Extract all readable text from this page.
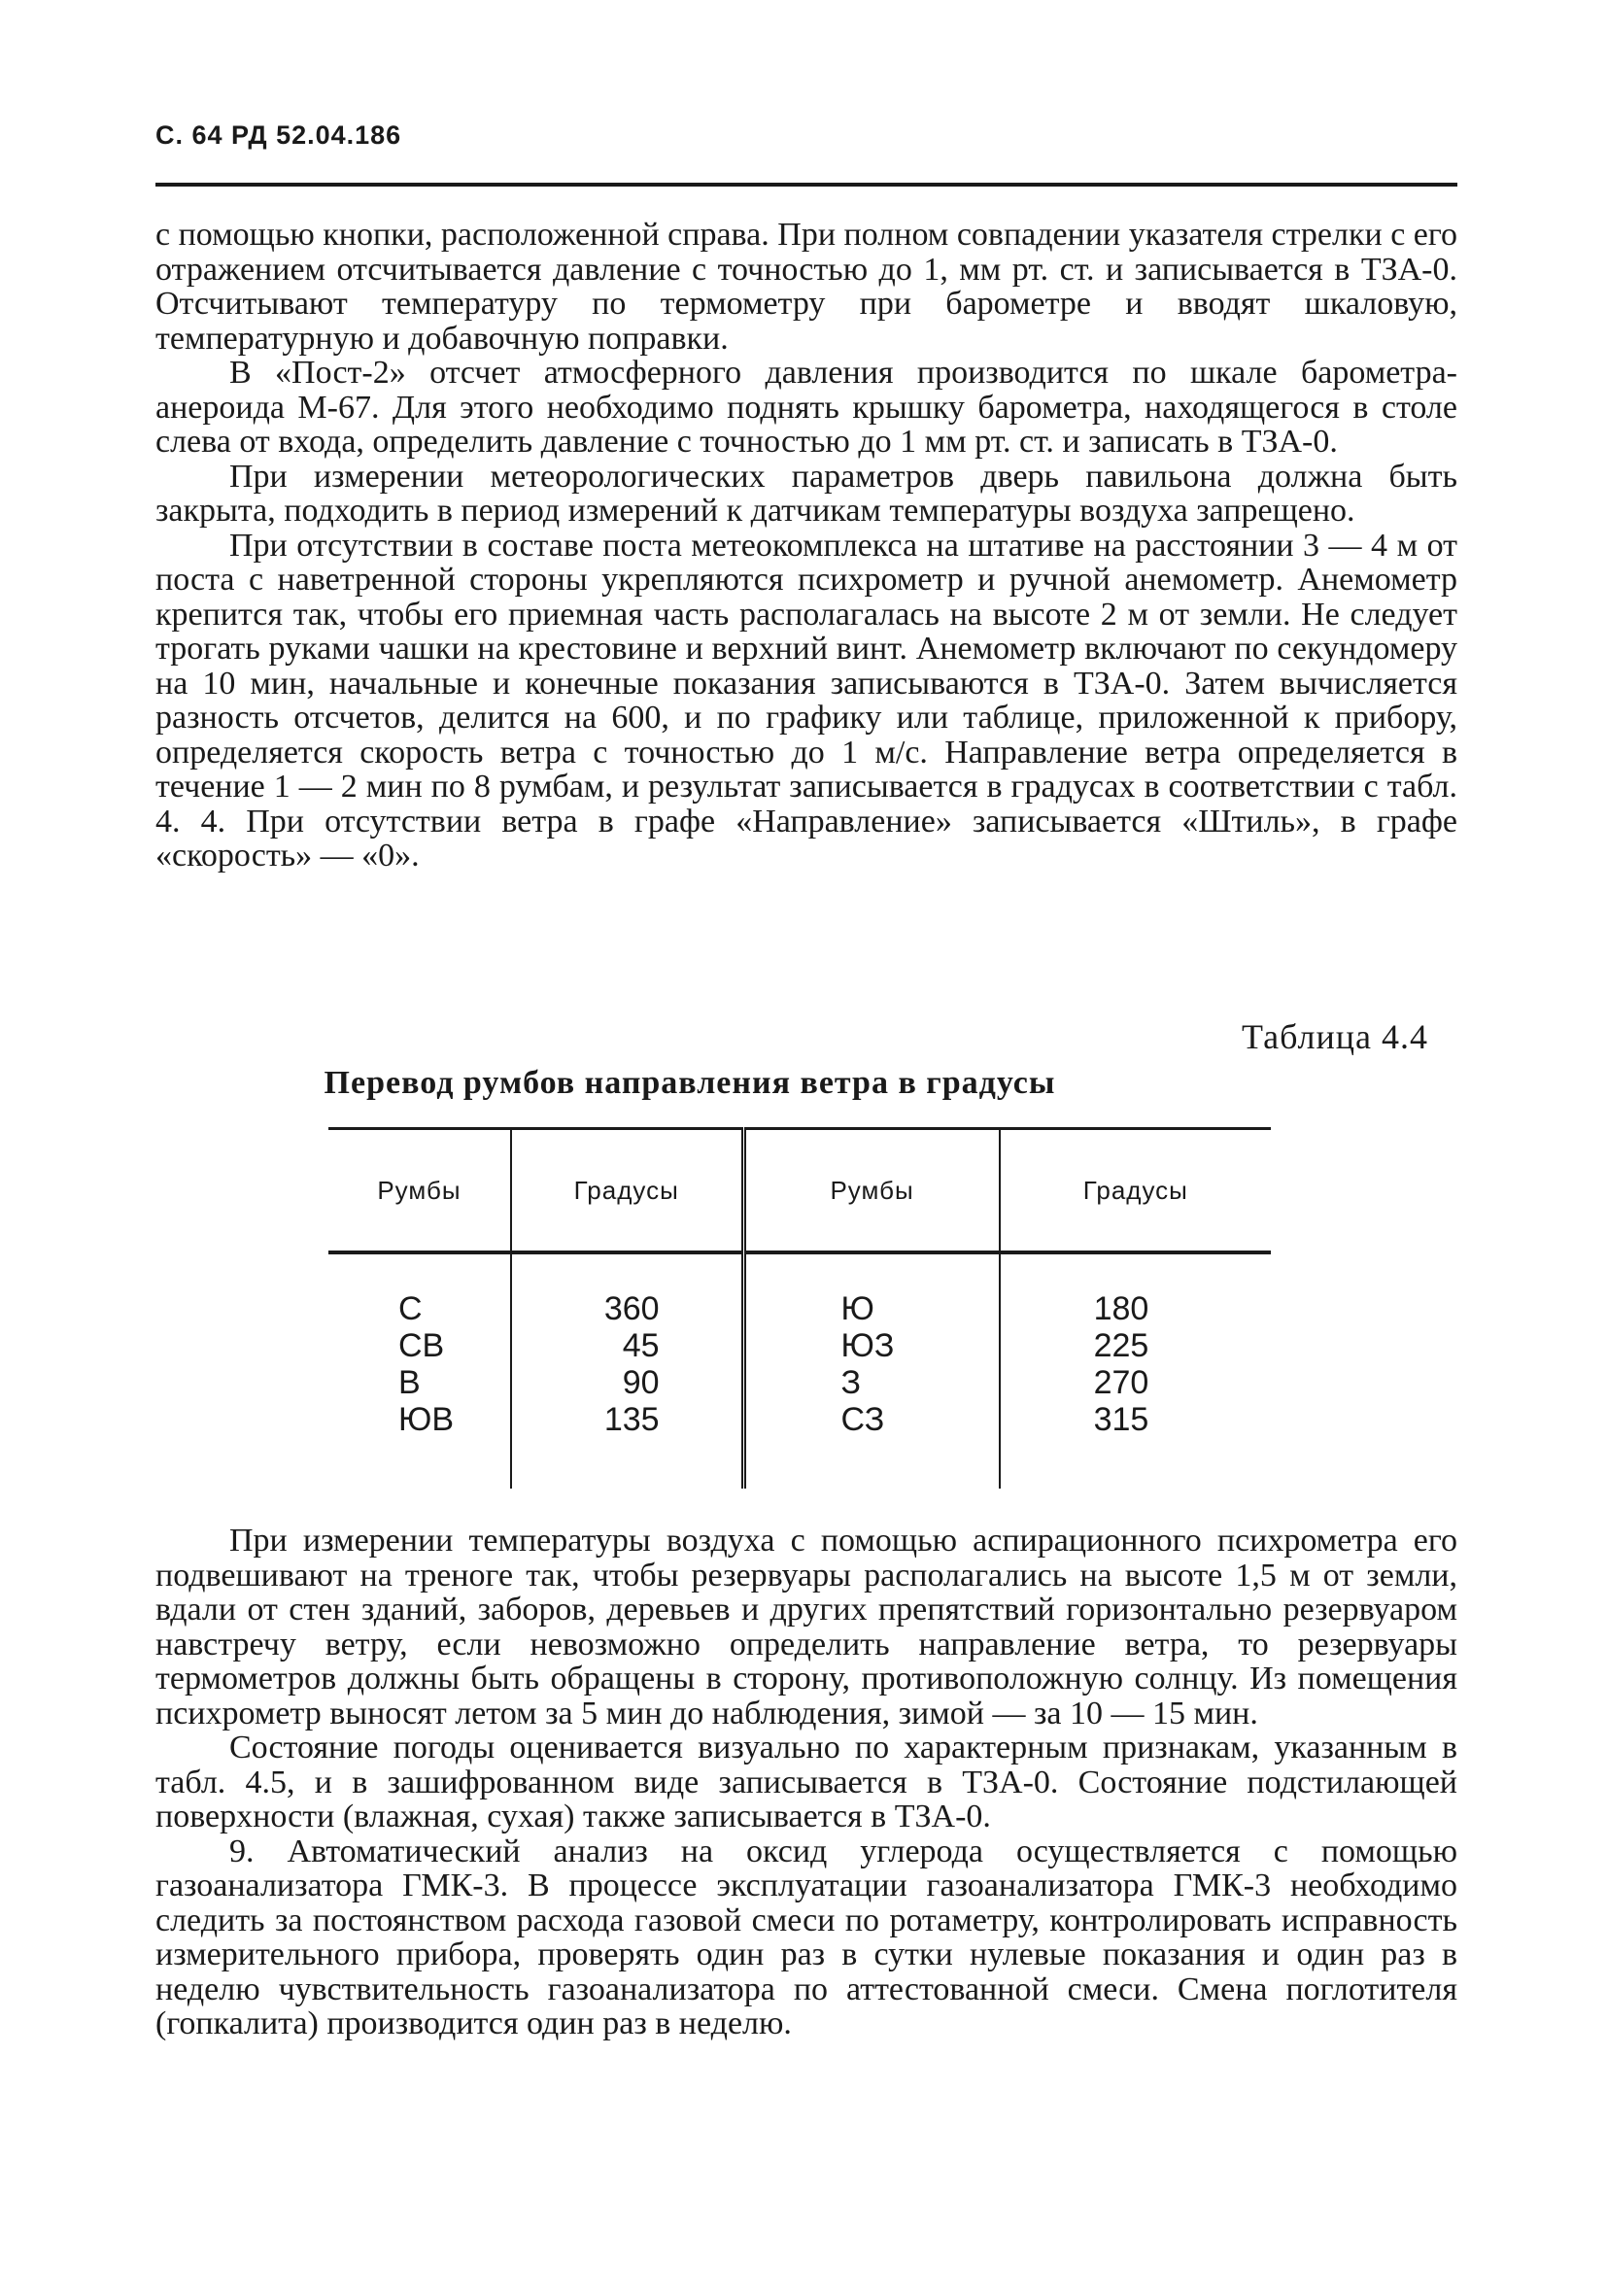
С. 64 РД 52.04.186

с помощью кнопки, расположенной справа. При полном совпадении указателя стрелки с его отражением отсчитывается давление с точностью до 1, мм рт. ст. и записывается в ТЗА-0. Отсчитывают температуру по термометру при барометре и вводят шкаловую, температурную и добавочную поправки.

В «Пост-2» отсчет атмосферного давления производится по шкале барометра-анероида М-67. Для этого необходимо поднять крышку барометра, находящегося в столе слева от входа, определить давление с точностью до 1 мм рт. ст. и записать в ТЗА-0.

При измерении метеорологических параметров дверь павильона должна быть закрыта, подходить в период измерений к датчикам температуры воздуха запрещено.

При отсутствии в составе поста метеокомплекса на штативе на расстоянии 3 — 4 м от поста с наветренной стороны укрепляются психрометр и ручной анемометр. Анемометр крепится так, чтобы его приемная часть располагалась на высоте 2 м от земли. Не следует трогать руками чашки на крестовине и верхний винт. Анемометр включают по секундомеру на 10 мин, начальные и конечные показания записываются в ТЗА-0. Затем вычисляется разность отсчетов, делится на 600, и по графику или таблице, приложенной к прибору, определяется скорость ветра с точностью до 1 м/с. Направление ветра определяется в течение 1 — 2 мин по 8 румбам, и результат записывается в градусах в соответствии с табл. 4. 4. При отсутствии ветра в графе «Направление» записывается «Штиль», в графе «скорость» — «0».

Таблица 4.4
Перевод румбов направления ветра в градусы
Румбы	Градусы	Румбы	Градусы
С	360	Ю	180
СВ	45	ЮЗ	225
В	90	З	270
ЮВ	135	СЗ	315

При измерении температуры воздуха с помощью аспирационного психрометра его подвешивают на треноге так, чтобы резервуары располагались на высоте 1,5 м от земли, вдали от стен зданий, заборов, деревьев и других препятствий горизонтально резервуаром навстречу ветру, если невозможно определить направление ветра, то резервуары термометров должны быть обращены в сторону, противоположную солнцу. Из помещения психрометр выносят летом за 5 мин до наблюдения, зимой — за 10 — 15 мин.

Состояние погоды оценивается визуально по характерным признакам, указанным в табл. 4.5, и в зашифрованном виде записывается в ТЗА-0. Состояние подстилающей поверхности (влажная, сухая) также записывается в ТЗА-0.

9. Автоматический анализ на оксид углерода осуществляется с помощью газоанализатора ГМК-3. В процессе эксплуатации газоанализатора ГМК-3 необходимо следить за постоянством расхода газовой смеси по ротаметру, контролировать исправность измерительного прибора, проверять один раз в сутки нулевые показания и один раз в неделю чувствительность газоанализатора по аттестованной смеси. Смена поглотителя (гопкалита) производится один раз в неделю.
